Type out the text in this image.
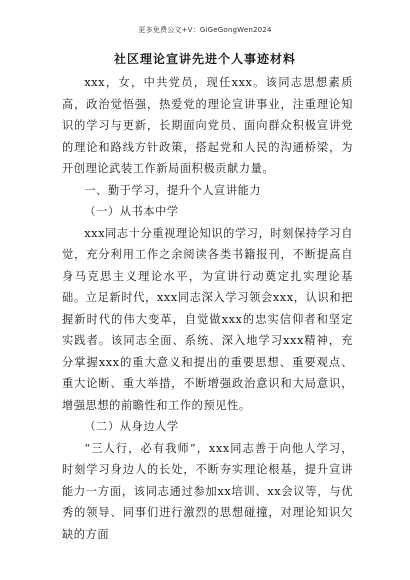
更多免费公文+V：GiGeGongWen2024
社区理论宣讲先进个人事迹材料

xxx，女，中共党员，现任xxx。该同志思想素质高，政治觉悟强，热爱党的理论宣讲事业，注重理论知识的学习与更新，长期面向党员、面向群众积极宣讲党的理论和路线方针政策，搭起党和人民的沟通桥梁，为开创理论武装工作新局面积极贡献力量。

一、勤于学习，提升个人宣讲能力

（一）从书本中学

xxx同志十分重视理论知识的学习，时刻保持学习自觉，充分利用工作之余阅读各类书籍报刊，不断提高自身马克思主义理论水平，为宣讲行动奠定扎实理论基础。立足新时代，xxx同志深入学习领会xxx，认识和把握新时代的伟大变革，自觉做xxx的忠实信仰者和坚定实践者。该同志全面、系统、深入地学习xxx精神，充分掌握xxx的重大意义和提出的重要思想、重要观点、重大论断、重大举措，不断增强政治意识和大局意识，增强思想的前瞻性和工作的预见性。

（二）从身边人学

“三人行，必有我师”，xxx同志善于向他人学习，时刻学习身边人的长处，不断夯实理论根基，提升宣讲能力一方面，该同志通过参加xx培训、xx会议等，与优秀的领导、同事们进行激烈的思想碰撞，对理论知识欠缺的方面
